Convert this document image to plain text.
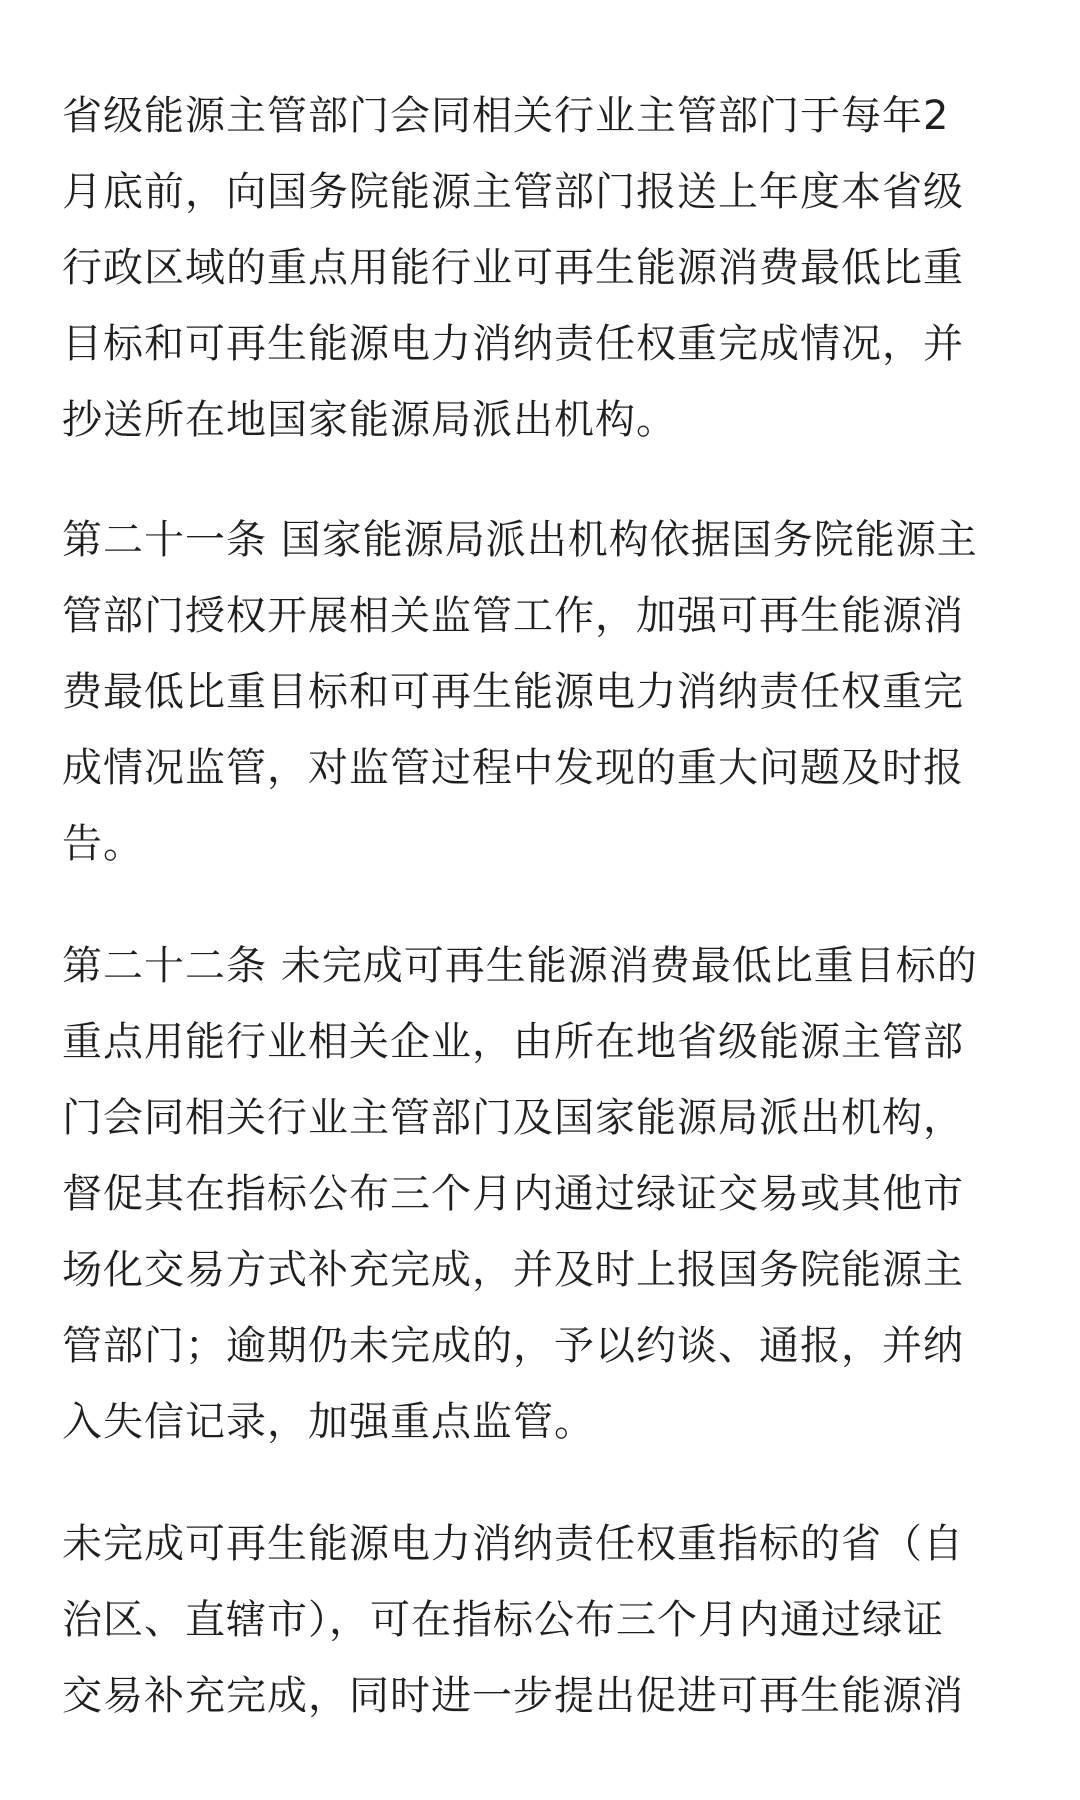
省级能源主管部门会同相关行业主管部门于每年2
月底前，向国务院能源主管部门报送上年度本省级
行政区域的重点用能行业可再生能源消费最低比重
目标和可再生能源电力消纳责任权重完成情况，并
抄送所在地国家能源局派出机构。

第二十一条 国家能源局派出机构依据国务院能源主
管部门授权开展相关监管工作，加强可再生能源消
费最低比重目标和可再生能源电力消纳责任权重完
成情况监管，对监管过程中发现的重大问题及时报
告。

第二十二条 未完成可再生能源消费最低比重目标的
重点用能行业相关企业，由所在地省级能源主管部
门会同相关行业主管部门及国家能源局派出机构，
督促其在指标公布三个月内通过绿证交易或其他市
场化交易方式补充完成，并及时上报国务院能源主
管部门；逾期仍未完成的，予以约谈、通报，并纳
入失信记录，加强重点监管。

未完成可再生能源电力消纳责任权重指标的省（自
治区、直辖市），可在指标公布三个月内通过绿证
交易补充完成，同时进一步提出促进可再生能源消
